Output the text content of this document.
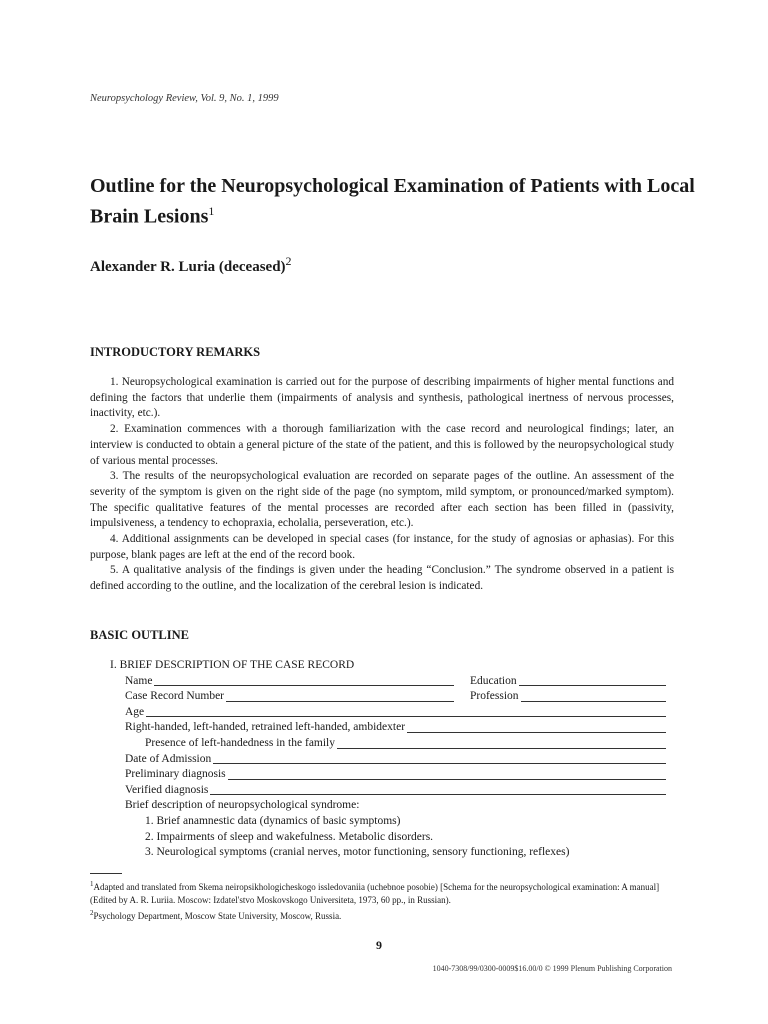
Neuropsychology Review, Vol. 9, No. 1, 1999
Outline for the Neuropsychological Examination of Patients with Local Brain Lesions$^1$
Alexander R. Luria (deceased)$^2$
INTRODUCTORY REMARKS

1. Neuropsychological examination is carried out for the purpose of describing impairments of higher mental functions and defining the factors that underlie them (impairments of analysis and synthesis, pathological inertness of nervous processes, inactivity, etc.).

2. Examination commences with a thorough familiarization with the case record and neurological findings; later, an interview is conducted to obtain a general picture of the state of the patient, and this is followed by the neuropsychological study of various mental processes.

3. The results of the neuropsychological evaluation are recorded on separate pages of the outline. An assessment of the severity of the symptom is given on the right side of the page (no symptom, mild symptom, or pronounced/marked symptom). The specific qualitative features of the mental processes are recorded after each section has been filled in (passivity, impulsiveness, a tendency to echopraxia, echolalia, perseveration, etc.).

4. Additional assignments can be developed in special cases (for instance, for the study of agnosias or aphasias). For this purpose, blank pages are left at the end of the record book.

5. A qualitative analysis of the findings is given under the heading “Conclusion.” The syndrome observed in a patient is defined according to the outline, and the localization of the cerebral lesion is indicated.

BASIC OUTLINE
I. BRIEF DESCRIPTION OF THE CASE RECORD
Name	Education
Case Record Number	Profession
Age
Right-handed, left-handed, retrained left-handed, ambidexter
Presence of left-handedness in the family
Date of Admission
Preliminary diagnosis
Verified diagnosis
Brief description of neuropsychological syndrome:
1. Brief anamnestic data (dynamics of basic symptoms)
2. Impairments of sleep and wakefulness. Metabolic disorders.
3. Neurological symptoms (cranial nerves, motor functioning, sensory functioning, reflexes)

$^1$Adapted and translated from Skema neiropsikhologicheskogo issledovaniia (uchebnoe posobie) [Schema for the neuropsychological examination: A manual] (Edited by A. R. Luriia. Moscow: Izdatel'stvo Moskovskogo Universiteta, 1973, 60 pp., in Russian).

$^2$Psychology Department, Moscow State University, Moscow, Russia.

9
1040-7308/99/0300-0009$16.00/0 © 1999 Plenum Publishing Corporation
